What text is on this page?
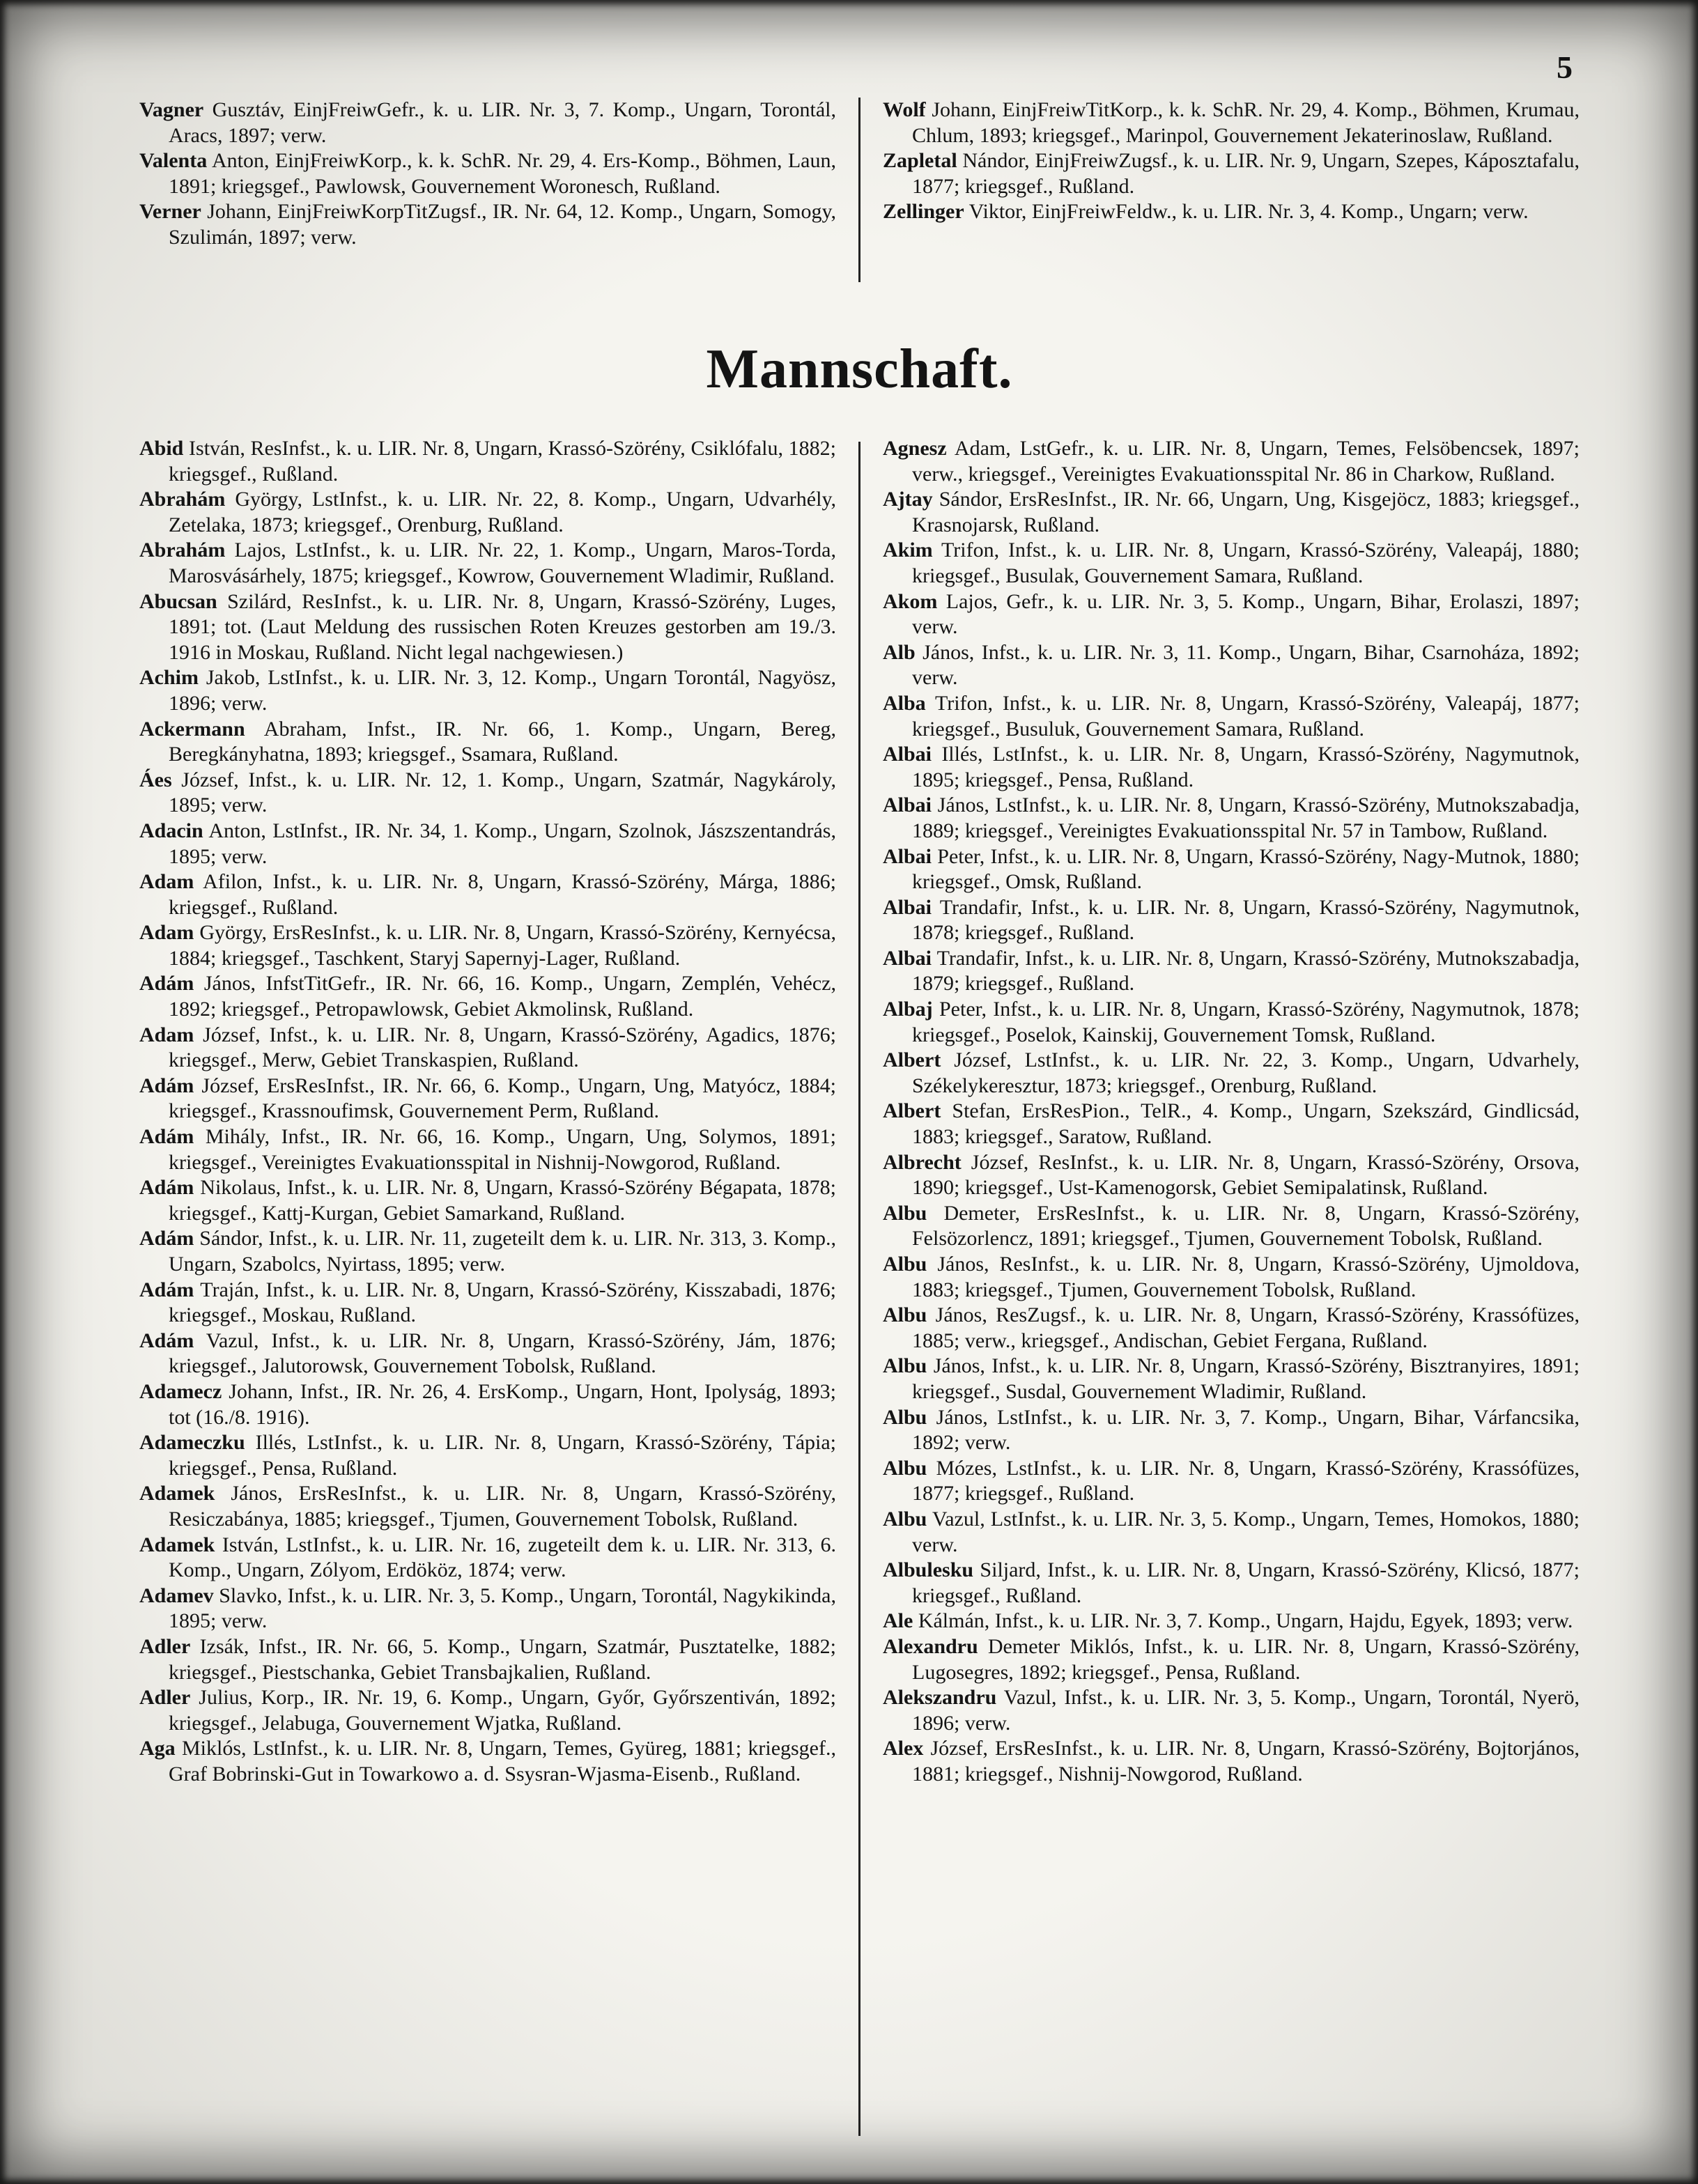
5

Vagner Gusztáv, EinjFreiwGefr., k. u. LIR. Nr. 3, 7. Komp., Ungarn, Torontál, Aracs, 1897; verw.

Valenta Anton, EinjFreiwKorp., k. k. SchR. Nr. 29, 4. Ers-Komp., Böhmen, Laun, 1891; kriegsgef., Pawlowsk, Gouvernement Woronesch, Rußland.

Verner Johann, EinjFreiwKorpTitZugsf., IR. Nr. 64, 12. Komp., Ungarn, Somogy, Szulimán, 1897; verw.

Wolf Johann, EinjFreiwTitKorp., k. k. SchR. Nr. 29, 4. Komp., Böhmen, Krumau, Chlum, 1893; kriegsgef., Marinpol, Gouvernement Jekaterinoslaw, Rußland.

Zapletal Nándor, EinjFreiwZugsf., k. u. LIR. Nr. 9, Ungarn, Szepes, Káposztafalu, 1877; kriegsgef., Rußland.

Zellinger Viktor, EinjFreiwFeldw., k. u. LIR. Nr. 3, 4. Komp., Ungarn; verw.

Mannschaft.

Abid István, ResInfst., k. u. LIR. Nr. 8, Ungarn, Krassó-Szörény, Csiklófalu, 1882; kriegsgef., Rußland.

Abrahám György, LstInfst., k. u. LIR. Nr. 22, 8. Komp., Ungarn, Udvarhély, Zetelaka, 1873; kriegsgef., Orenburg, Rußland.

Abrahám Lajos, LstInfst., k. u. LIR. Nr. 22, 1. Komp., Ungarn, Maros-Torda, Marosvásárhely, 1875; kriegsgef., Kowrow, Gouvernement Wladimir, Rußland.

Abucsan Szilárd, ResInfst., k. u. LIR. Nr. 8, Ungarn, Krassó-Szörény, Luges, 1891; tot. (Laut Meldung des russischen Roten Kreuzes gestorben am 19./3. 1916 in Moskau, Rußland. Nicht legal nachgewiesen.)

Achim Jakob, LstInfst., k. u. LIR. Nr. 3, 12. Komp., Ungarn Torontál, Nagyösz, 1896; verw.

Ackermann Abraham, Infst., IR. Nr. 66, 1. Komp., Ungarn, Bereg, Beregkányhatna, 1893; kriegsgef., Ssamara, Rußland.

Áes József, Infst., k. u. LIR. Nr. 12, 1. Komp., Ungarn, Szatmár, Nagykároly, 1895; verw.

Adacin Anton, LstInfst., IR. Nr. 34, 1. Komp., Ungarn, Szolnok, Jászszentandrás, 1895; verw.

Adam Afilon, Infst., k. u. LIR. Nr. 8, Ungarn, Krassó-Szörény, Márga, 1886; kriegsgef., Rußland.

Adam György, ErsResInfst., k. u. LIR. Nr. 8, Ungarn, Krassó-Szörény, Kernyécsa, 1884; kriegsgef., Taschkent, Staryj Sapernyj-Lager, Rußland.

Adám János, InfstTitGefr., IR. Nr. 66, 16. Komp., Ungarn, Zemplén, Vehécz, 1892; kriegsgef., Petropawlowsk, Gebiet Akmolinsk, Rußland.

Adam József, Infst., k. u. LIR. Nr. 8, Ungarn, Krassó-Szörény, Agadics, 1876; kriegsgef., Merw, Gebiet Transkaspien, Rußland.

Adám József, ErsResInfst., IR. Nr. 66, 6. Komp., Ungarn, Ung, Matyócz, 1884; kriegsgef., Krassnoufimsk, Gouvernement Perm, Rußland.

Adám Mihály, Infst., IR. Nr. 66, 16. Komp., Ungarn, Ung, Solymos, 1891; kriegsgef., Vereinigtes Evakuationsspital in Nishnij-Nowgorod, Rußland.

Adám Nikolaus, Infst., k. u. LIR. Nr. 8, Ungarn, Krassó-Szörény Bégapata, 1878; kriegsgef., Kattj-Kurgan, Gebiet Samarkand, Rußland.

Adám Sándor, Infst., k. u. LIR. Nr. 11, zugeteilt dem k. u. LIR. Nr. 313, 3. Komp., Ungarn, Szabolcs, Nyirtass, 1895; verw.

Adám Traján, Infst., k. u. LIR. Nr. 8, Ungarn, Krassó-Szörény, Kisszabadi, 1876; kriegsgef., Moskau, Rußland.

Adám Vazul, Infst., k. u. LIR. Nr. 8, Ungarn, Krassó-Szörény, Jám, 1876; kriegsgef., Jalutorowsk, Gouvernement Tobolsk, Rußland.

Adamecz Johann, Infst., IR. Nr. 26, 4. ErsKomp., Ungarn, Hont, Ipolyság, 1893; tot (16./8. 1916).

Adameczku Illés, LstInfst., k. u. LIR. Nr. 8, Ungarn, Krassó-Szörény, Tápia; kriegsgef., Pensa, Rußland.

Adamek János, ErsResInfst., k. u. LIR. Nr. 8, Ungarn, Krassó-Szörény, Resiczabánya, 1885; kriegsgef., Tjumen, Gouvernement Tobolsk, Rußland.

Adamek István, LstInfst., k. u. LIR. Nr. 16, zugeteilt dem k. u. LIR. Nr. 313, 6. Komp., Ungarn, Zólyom, Erdököz, 1874; verw.

Adamev Slavko, Infst., k. u. LIR. Nr. 3, 5. Komp., Ungarn, Torontál, Nagykikinda, 1895; verw.

Adler Izsák, Infst., IR. Nr. 66, 5. Komp., Ungarn, Szatmár, Pusztatelke, 1882; kriegsgef., Piestschanka, Gebiet Transbajkalien, Rußland.

Adler Julius, Korp., IR. Nr. 19, 6. Komp., Ungarn, Győr, Győrszentiván, 1892; kriegsgef., Jelabuga, Gouvernement Wjatka, Rußland.

Aga Miklós, LstInfst., k. u. LIR. Nr. 8, Ungarn, Temes, Gyüreg, 1881; kriegsgef., Graf Bobrinski-Gut in Towarkowo a. d. Ssysran-Wjasma-Eisenb., Rußland.

Agnesz Adam, LstGefr., k. u. LIR. Nr. 8, Ungarn, Temes, Felsöbencsek, 1897; verw., kriegsgef., Vereinigtes Evakuationsspital Nr. 86 in Charkow, Rußland.

Ajtay Sándor, ErsResInfst., IR. Nr. 66, Ungarn, Ung, Kisgejöcz, 1883; kriegsgef., Krasnojarsk, Rußland.

Akim Trifon, Infst., k. u. LIR. Nr. 8, Ungarn, Krassó-Szörény, Valeapáj, 1880; kriegsgef., Busulak, Gouvernement Samara, Rußland.

Akom Lajos, Gefr., k. u. LIR. Nr. 3, 5. Komp., Ungarn, Bihar, Erolaszi, 1897; verw.

Alb János, Infst., k. u. LIR. Nr. 3, 11. Komp., Ungarn, Bihar, Csarnoháza, 1892; verw.

Alba Trifon, Infst., k. u. LIR. Nr. 8, Ungarn, Krassó-Szörény, Valeapáj, 1877; kriegsgef., Busuluk, Gouvernement Samara, Rußland.

Albai Illés, LstInfst., k. u. LIR. Nr. 8, Ungarn, Krassó-Szörény, Nagymutnok, 1895; kriegsgef., Pensa, Rußland.

Albai János, LstInfst., k. u. LIR. Nr. 8, Ungarn, Krassó-Szörény, Mutnokszabadja, 1889; kriegsgef., Vereinigtes Evakuationsspital Nr. 57 in Tambow, Rußland.

Albai Peter, Infst., k. u. LIR. Nr. 8, Ungarn, Krassó-Szörény, Nagy-Mutnok, 1880; kriegsgef., Omsk, Rußland.

Albai Trandafir, Infst., k. u. LIR. Nr. 8, Ungarn, Krassó-Szörény, Nagymutnok, 1878; kriegsgef., Rußland.

Albai Trandafir, Infst., k. u. LIR. Nr. 8, Ungarn, Krassó-Szörény, Mutnokszabadja, 1879; kriegsgef., Rußland.

Albaj Peter, Infst., k. u. LIR. Nr. 8, Ungarn, Krassó-Szörény, Nagymutnok, 1878; kriegsgef., Poselok, Kainskij, Gouvernement Tomsk, Rußland.

Albert József, LstInfst., k. u. LIR. Nr. 22, 3. Komp., Ungarn, Udvarhely, Székelykeresztur, 1873; kriegsgef., Orenburg, Rußland.

Albert Stefan, ErsResPion., TelR., 4. Komp., Ungarn, Szekszárd, Gindlicsád, 1883; kriegsgef., Saratow, Rußland.

Albrecht József, ResInfst., k. u. LIR. Nr. 8, Ungarn, Krassó-Szörény, Orsova, 1890; kriegsgef., Ust-Kamenogorsk, Gebiet Semipalatinsk, Rußland.

Albu Demeter, ErsResInfst., k. u. LIR. Nr. 8, Ungarn, Krassó-Szörény, Felsözorlencz, 1891; kriegsgef., Tjumen, Gouvernement Tobolsk, Rußland.

Albu János, ResInfst., k. u. LIR. Nr. 8, Ungarn, Krassó-Szörény, Ujmoldova, 1883; kriegsgef., Tjumen, Gouvernement Tobolsk, Rußland.

Albu János, ResZugsf., k. u. LIR. Nr. 8, Ungarn, Krassó-Szörény, Krassófüzes, 1885; verw., kriegsgef., Andischan, Gebiet Fergana, Rußland.

Albu János, Infst., k. u. LIR. Nr. 8, Ungarn, Krassó-Szörény, Bisztranyires, 1891; kriegsgef., Susdal, Gouvernement Wladimir, Rußland.

Albu János, LstInfst., k. u. LIR. Nr. 3, 7. Komp., Ungarn, Bihar, Várfancsika, 1892; verw.

Albu Mózes, LstInfst., k. u. LIR. Nr. 8, Ungarn, Krassó-Szörény, Krassófüzes, 1877; kriegsgef., Rußland.

Albu Vazul, LstInfst., k. u. LIR. Nr. 3, 5. Komp., Ungarn, Temes, Homokos, 1880; verw.

Albulesku Siljard, Infst., k. u. LIR. Nr. 8, Ungarn, Krassó-Szörény, Klicsó, 1877; kriegsgef., Rußland.

Ale Kálmán, Infst., k. u. LIR. Nr. 3, 7. Komp., Ungarn, Hajdu, Egyek, 1893; verw.

Alexandru Demeter Miklós, Infst., k. u. LIR. Nr. 8, Ungarn, Krassó-Szörény, Lugosegres, 1892; kriegsgef., Pensa, Rußland.

Alekszandru Vazul, Infst., k. u. LIR. Nr. 3, 5. Komp., Ungarn, Torontál, Nyerö, 1896; verw.

Alex József, ErsResInfst., k. u. LIR. Nr. 8, Ungarn, Krassó-Szörény, Bojtorjános, 1881; kriegsgef., Nishnij-Nowgorod, Rußland.
